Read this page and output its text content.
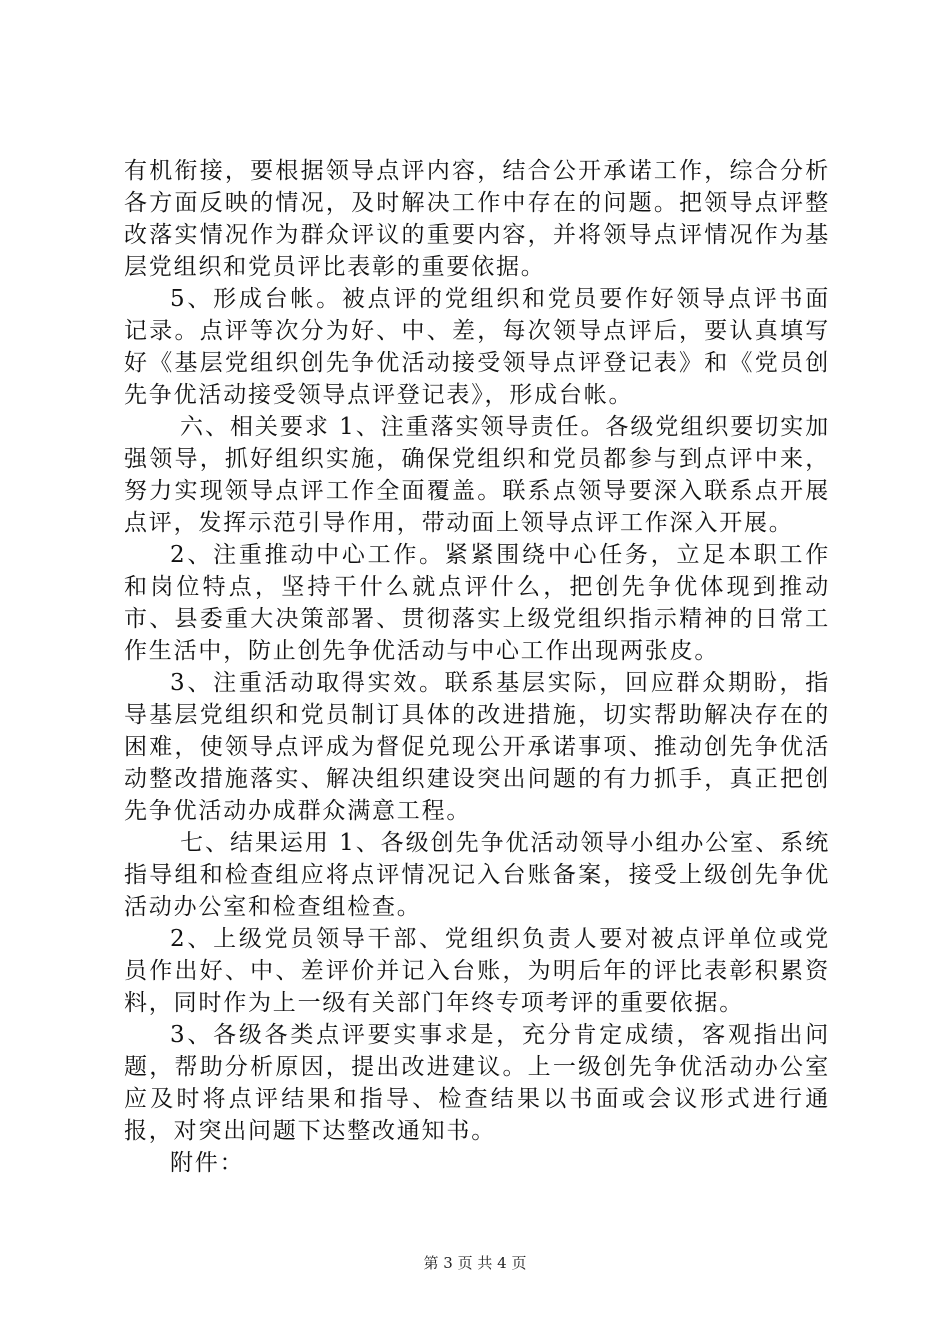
有机衔接，要根据领导点评内容，结合公开承诺工作，综合分析各方面反映的情况，及时解决工作中存在的问题。把领导点评整改落实情况作为群众评议的重要内容，并将领导点评情况作为基层党组织和党员评比表彰的重要依据。

5、形成台帐。被点评的党组织和党员要作好领导点评书面记录。点评等次分为好、中、差，每次领导点评后，要认真填写好《基层党组织创先争优活动接受领导点评登记表》和《党员创先争优活动接受领导点评登记表》，形成台帐。

六、相关要求 1、注重落实领导责任。各级党组织要切实加强领导，抓好组织实施，确保党组织和党员都参与到点评中来，努力实现领导点评工作全面覆盖。联系点领导要深入联系点开展点评，发挥示范引导作用，带动面上领导点评工作深入开展。

2、注重推动中心工作。紧紧围绕中心任务，立足本职工作和岗位特点，坚持干什么就点评什么，把创先争优体现到推动市、县委重大决策部署、贯彻落实上级党组织指示精神的日常工作生活中，防止创先争优活动与中心工作出现两张皮。

3、注重活动取得实效。联系基层实际，回应群众期盼，指导基层党组织和党员制订具体的改进措施，切实帮助解决存在的困难，使领导点评成为督促兑现公开承诺事项、推动创先争优活动整改措施落实、解决组织建设突出问题的有力抓手，真正把创先争优活动办成群众满意工程。

七、结果运用 1、各级创先争优活动领导小组办公室、系统指导组和检查组应将点评情况记入台账备案，接受上级创先争优活动办公室和检查组检查。

2、上级党员领导干部、党组织负责人要对被点评单位或党员作出好、中、差评价并记入台账，为明后年的评比表彰积累资料，同时作为上一级有关部门年终专项考评的重要依据。

3、各级各类点评要实事求是，充分肯定成绩，客观指出问题，帮助分析原因，提出改进建议。上一级创先争优活动办公室应及时将点评结果和指导、检查结果以书面或会议形式进行通报，对突出问题下达整改通知书。

附件：

第 3 页 共 4 页
